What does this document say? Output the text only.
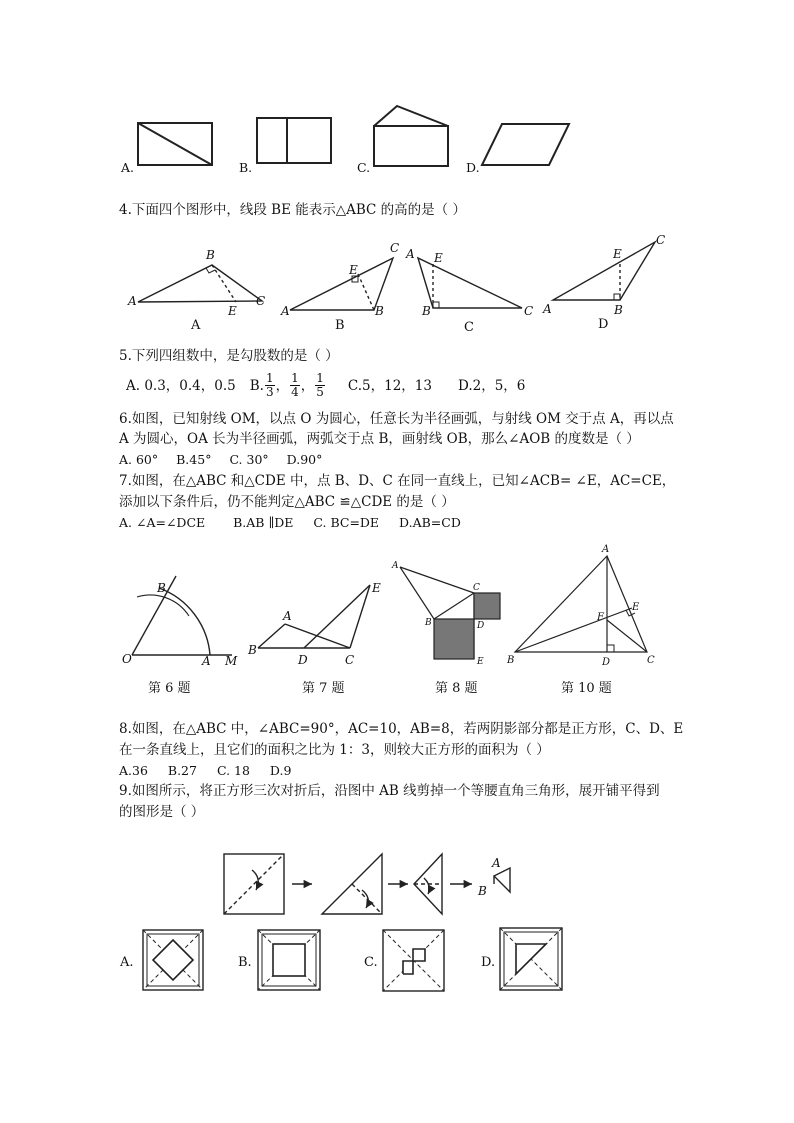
A.	B.	C.	D.
4.下面四个图形中，线段 BE 能表示△ABC 的高的是（ ）
B
A
E
C
C
E
A	B
A E
B	C
C
E
A	B
A	B	C	D
5.下列四组数中，是勾股数的是（ ）
A. 0.3，0.4，0.5 B. $\frac{1}{3}$ ， $\frac{1}{4}$ ， $\frac{1}{5} C.5$，12，13 D.2，5，6
6.如图，已知射线 OM，以点 O 为圆心，任意长为半径画弧，与射线 OM 交于点 A，再以点
A 为圆心，OA 长为半径画弧，两弧交于点 B，画射线 OB，那么∠AOB 的度数是（ ）
A. 60° B.45° C. 30° D.90°
7.如图，在△ABC 和△CDE 中，点 B、D、C 在同一直线上，已知∠ACB= ∠E，AC=CE，
添加以下条件后，仍不能判定△ABC ≌△CDE 的是（ ）
A. ∠A=∠DCE B.AB ∥DE C. BC=DE D.AB=CD
B
O	A M
A
B
D	C
E
A
C
B	D
E
A
F
E
B	D	C
第 6 题	第 7 题	第 8 题	第 10 题
8.如图，在△ABC 中，∠ABC=90°，AC=10，AB=8，若两阴影部分都是正方形，C、D、E
在一条直线上，且它们的面积之比为 1：3，则较大正方形的面积为（ ）
A.36 B.27 C. 18 D.9
9.如图所示，将正方形三次对折后，沿图中 AB 线剪掉一个等腰直角三角形，展开铺平得到
的图形是（ ）
A
B
A.	B.	C.	D.
